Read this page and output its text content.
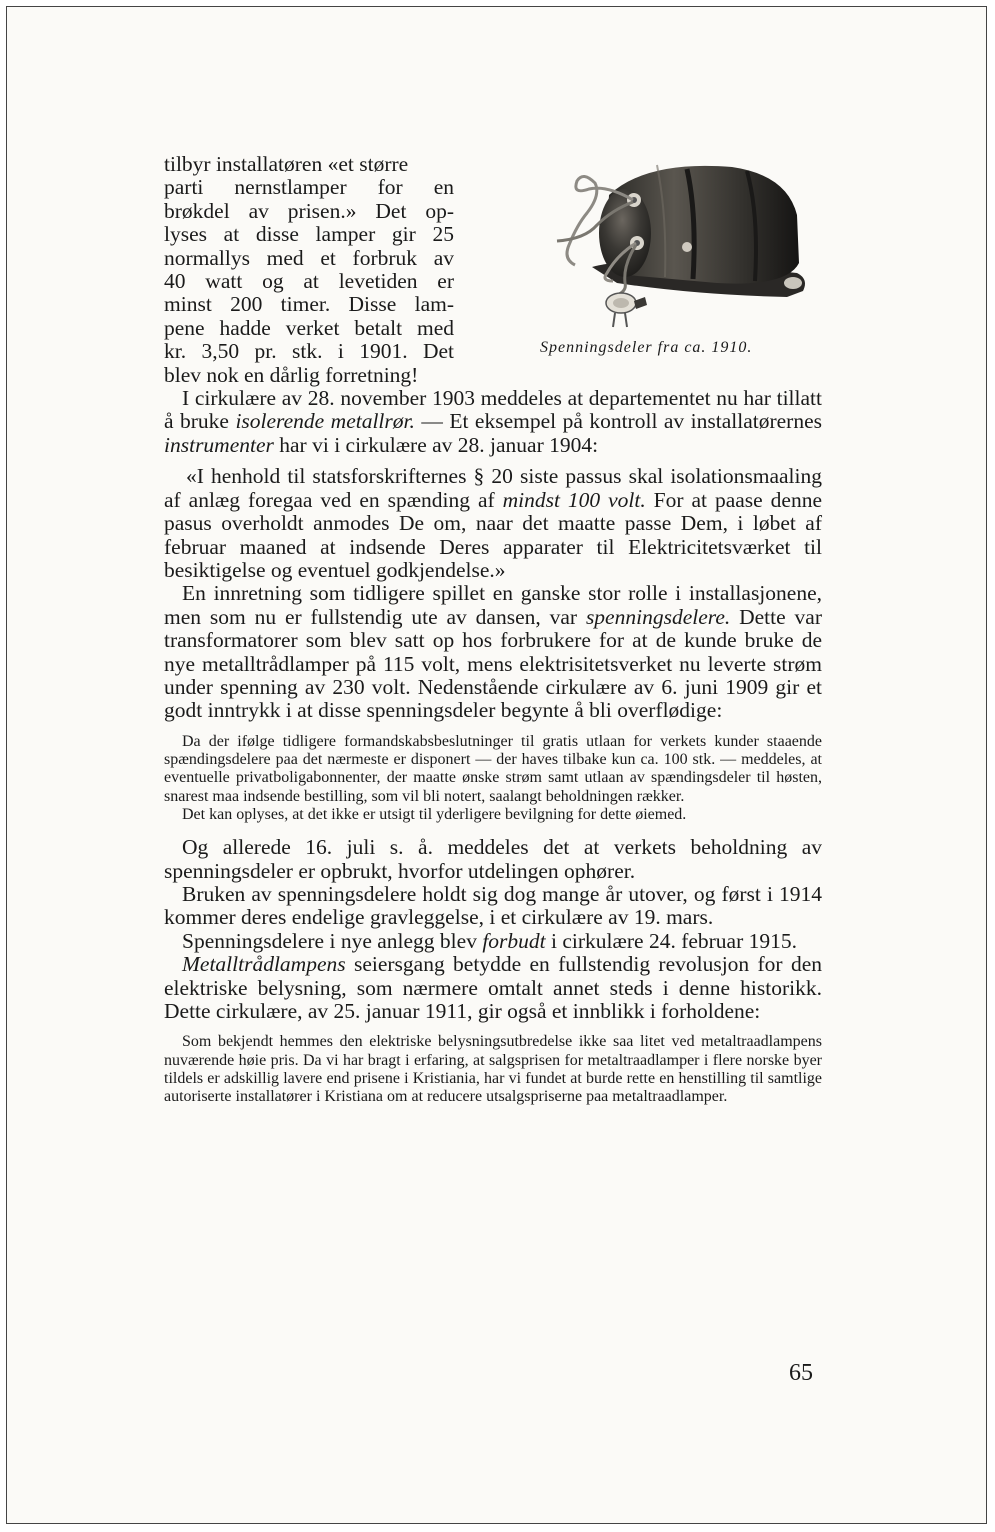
Spenningsdeler fra ca. 1910.
tilbyr installatøren «et større
parti nernstlamper for en
brøkdel av prisen.» Det op-
lyses at disse lamper gir 25
normallys med et forbruk av
40 watt og at levetiden er
minst 200 timer. Disse lam-
pene hadde verket betalt med
kr. 3,50 pr. stk. i 1901. Det
blev nok en dårlig forretning!

I cirkulære av 28. november 1903 meddeles at departementet nu har tillatt å bruke isolerende metallrør. — Et eksempel på kontroll av installatørernes instrumenter har vi i cirkulære av 28. januar 1904:

«I henhold til statsforskrifternes § 20 siste passus skal isolationsmaaling af anlæg foregaa ved en spænding af mindst 100 volt. For at paase denne pasus overholdt anmodes De om, naar det maatte passe Dem, i løbet af februar maaned at indsende Deres apparater til Elektricitetsværket til besiktigelse og eventuel godkjendelse.»

En innretning som tidligere spillet en ganske stor rolle i installasjonene, men som nu er fullstendig ute av dansen, var spenningsdelere. Dette var transformatorer som blev satt op hos forbrukere for at de kunde bruke de nye metalltrådlamper på 115 volt, mens elektrisitetsverket nu leverte strøm under spenning av 230 volt. Nedenstående cirkulære av 6. juni 1909 gir et godt inntrykk i at disse spenningsdeler begynte å bli overflødige:

Da der ifølge tidligere formandskabsbeslutninger til gratis utlaan for verkets kunder staaende spændingsdelere paa det nærmeste er disponert — der haves tilbake kun ca. 100 stk. — meddeles, at eventuelle privatboligabonnenter, der maatte ønske strøm samt utlaan av spændingsdeler til høsten, snarest maa indsende bestilling, som vil bli notert, saalangt beholdningen rækker.

Det kan oplyses, at det ikke er utsigt til yderligere bevilgning for dette øiemed.

Og allerede 16. juli s. å. meddeles det at verkets beholdning av spenningsdeler er opbrukt, hvorfor utdelingen ophører.

Bruken av spenningsdelere holdt sig dog mange år utover, og først i 1914 kommer deres endelige gravleggelse, i et cirkulære av 19. mars.

Spenningsdelere i nye anlegg blev forbudt i cirkulære 24. februar 1915.

Metalltrådlampens seiersgang betydde en fullstendig revolusjon for den elektriske belysning, som nærmere omtalt annet steds i denne historikk. Dette cirkulære, av 25. januar 1911, gir også et innblikk i forholdene:

Som bekjendt hemmes den elektriske belysningsutbredelse ikke saa litet ved metaltraadlampens nuværende høie pris. Da vi har bragt i erfaring, at salgsprisen for metaltraadlamper i flere norske byer tildels er adskillig lavere end prisene i Kristiania, har vi fundet at burde rette en henstilling til samtlige autoriserte installatører i Kristiana om at reducere utsalgspriserne paa metaltraadlamper.

65
